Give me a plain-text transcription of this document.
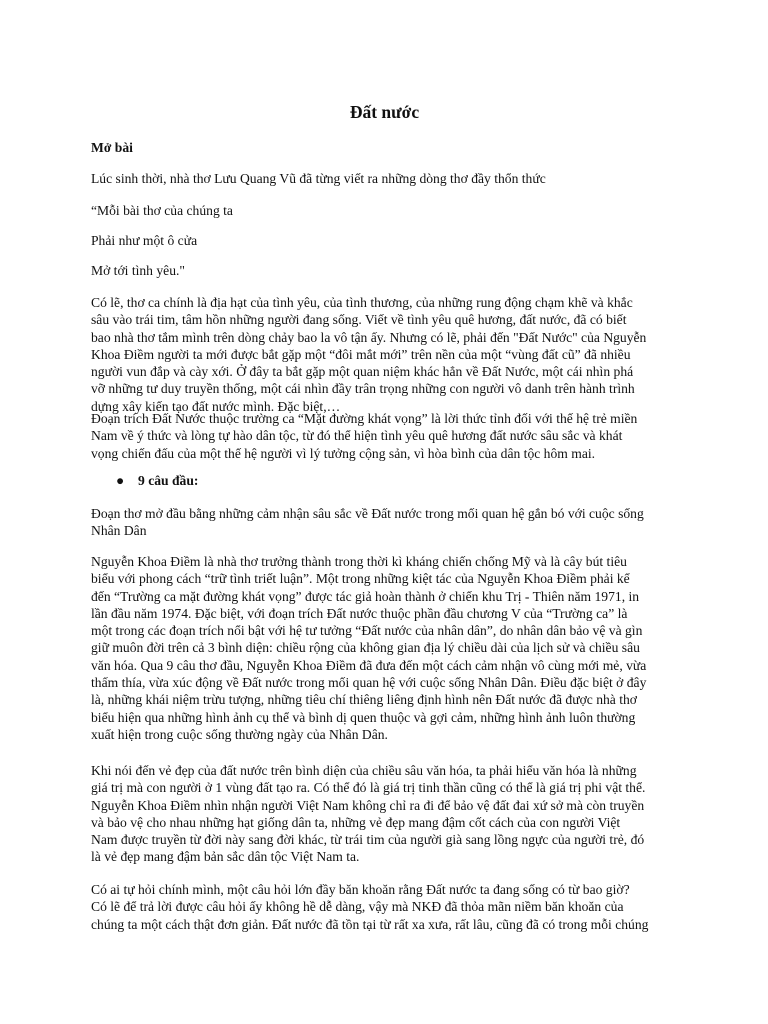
Đất nước

Mở bài

Lúc sinh thời, nhà thơ Lưu Quang Vũ đã từng viết ra những dòng thơ đầy thổn thức

“Mỗi bài thơ của chúng ta

Phải như một ô cửa

Mở tới tình yêu."

Có lẽ, thơ ca chính là địa hạt của tình yêu, của tình thương, của những rung động chạm khẽ và khắc
sâu vào trái tim, tâm hồn những người đang sống. Viết về tình yêu quê hương, đất nước, đã có biết
bao nhà thơ tắm mình trên dòng chảy bao la vô tận ấy. Nhưng có lẽ, phải đến "Đất Nước" của Nguyễn
Khoa Điềm người ta mới được bắt gặp một “đôi mắt mới” trên nền của một “vùng đất cũ” đã nhiều
người vun đắp và cày xới. Ở đây ta bắt gặp một quan niệm khác hẳn về Đất Nước, một cái nhìn phá
vỡ những tư duy truyền thống, một cái nhìn đầy trân trọng những con người vô danh trên hành trình
dựng xây kiến tạo đất nước mình. Đặc biệt,…
Đoạn trích Đất Nước thuộc trường ca “Mặt đường khát vọng” là lời thức tỉnh đối với thế hệ trẻ miền
Nam về ý thức và lòng tự hào dân tộc, từ đó thể hiện tình yêu quê hương đất nước sâu sắc và khát
vọng chiến đấu của một thế hệ người vì lý tưởng cộng sản, vì hòa bình của dân tộc hôm mai.
● 9 câu đầu:
Đoạn thơ mở đầu bằng những cảm nhận sâu sắc về Đất nước trong mối quan hệ gắn bó với cuộc sống
Nhân Dân
Nguyễn Khoa Điềm là nhà thơ trưởng thành trong thời kì kháng chiến chống Mỹ và là cây bút tiêu
biểu với phong cách “trữ tình triết luận”. Một trong những kiệt tác của Nguyễn Khoa Điềm phải kể
đến “Trường ca mặt đường khát vọng” được tác giả hoàn thành ở chiến khu Trị - Thiên năm 1971, in
lần đầu năm 1974. Đặc biệt, với đoạn trích Đất nước thuộc phần đầu chương V của “Trường ca” là
một trong các đoạn trích nổi bật với hệ tư tưởng “Đất nước của nhân dân”, do nhân dân bảo vệ và gìn
giữ muôn đời trên cả 3 bình diện: chiều rộng của không gian địa lý chiều dài của lịch sử và chiều sâu
văn hóa. Qua 9 câu thơ đầu, Nguyễn Khoa Điềm đã đưa đến một cách cảm nhận vô cùng mới mẻ, vừa
thấm thía, vừa xúc động về Đất nước trong mối quan hệ với cuộc sống Nhân Dân. Điều đặc biệt ở đây
là, những khái niệm trừu tượng, những tiêu chí thiêng liêng định hình nên Đất nước đã được nhà thơ
biểu hiện qua những hình ảnh cụ thể và bình dị quen thuộc và gợi cảm, những hình ảnh luôn thường
xuất hiện trong cuộc sống thường ngày của Nhân Dân.
Khi nói đến vẻ đẹp của đất nước trên bình diện của chiều sâu văn hóa, ta phải hiểu văn hóa là những
giá trị mà con người ở 1 vùng đất tạo ra. Có thể đó là giá trị tinh thần cũng có thể là giá trị phi vật thể.
Nguyễn Khoa Điềm nhìn nhận người Việt Nam không chỉ ra đi để bảo vệ đất đai xứ sở mà còn truyền
và bảo vệ cho nhau những hạt giống dân ta, những vẻ đẹp mang đậm cốt cách của con người Việt
Nam được truyền từ đời này sang đời khác, từ trái tim của người già sang lồng ngực của người trẻ, đó
là vẻ đẹp mang đậm bản sắc dân tộc Việt Nam ta.
Có ai tự hỏi chính mình, một câu hỏi lớn đầy băn khoăn rằng Đất nước ta đang sống có từ bao giờ?
Có lẽ để trả lời được câu hỏi ấy không hề dễ dàng, vậy mà NKĐ đã thỏa mãn niềm băn khoăn của
chúng ta một cách thật đơn giản. Đất nước đã tồn tại từ rất xa xưa, rất lâu, cũng đã có trong mỗi chúng
